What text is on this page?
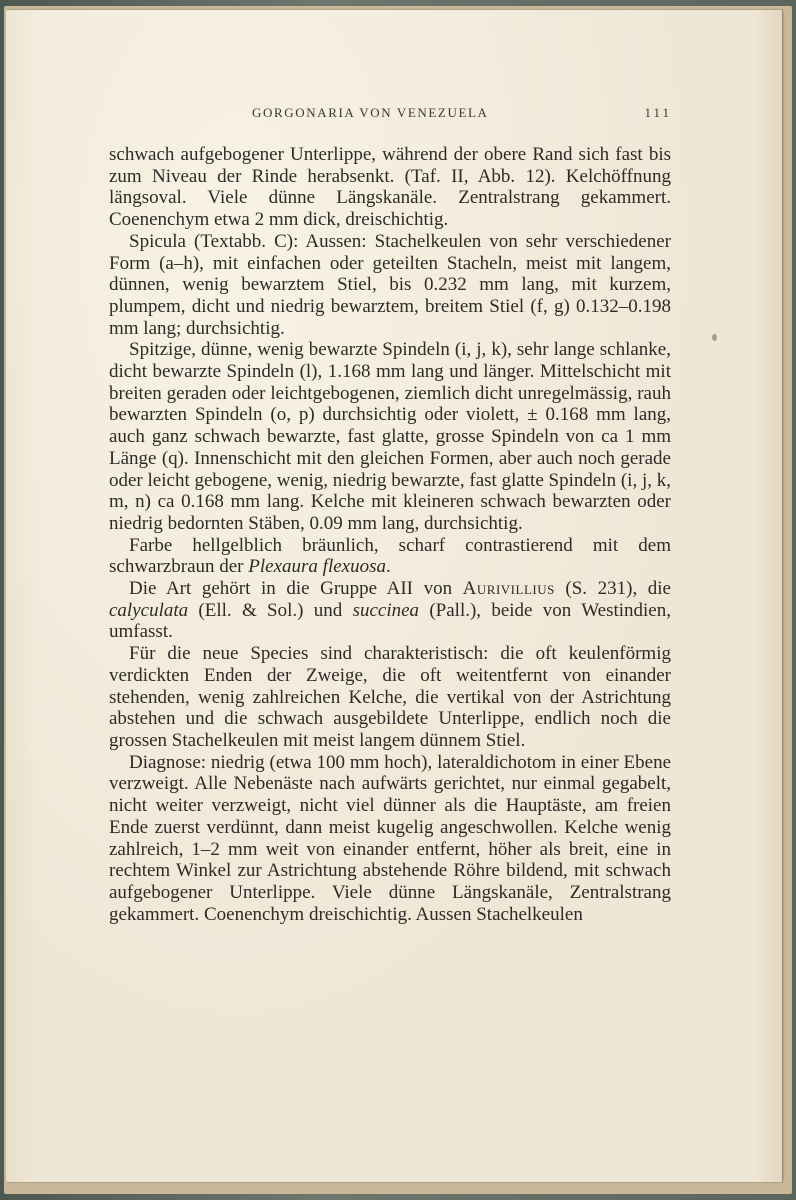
GORGONARIA VON VENEZUELA	111

schwach aufgebogener Unterlippe, während der obere Rand sich fast bis zum Niveau der Rinde herabsenkt. (Taf. II, Abb. 12). Kelchöffnung längsoval. Viele dünne Längskanäle. Zentralstrang gekammert. Coenenchym etwa 2 mm dick, dreischichtig.

Spicula (Textabb. C): Aussen: Stachelkeulen von sehr verschiedener Form (a–h), mit einfachen oder geteilten Stacheln, meist mit langem, dünnen, wenig bewarztem Stiel, bis 0.232 mm lang, mit kurzem, plumpem, dicht und niedrig bewarztem, breitem Stiel (f, g) 0.132–0.198 mm lang; durchsichtig.

Spitzige, dünne, wenig bewarzte Spindeln (i, j, k), sehr lange schlanke, dicht bewarzte Spindeln (l), 1.168 mm lang und länger. Mittelschicht mit breiten geraden oder leichtgebogenen, ziemlich dicht unregelmässig, rauh bewarzten Spindeln (o, p) durchsichtig oder violett, ± 0.168 mm lang, auch ganz schwach bewarzte, fast glatte, grosse Spindeln von ca 1 mm Länge (q). Innenschicht mit den gleichen Formen, aber auch noch gerade oder leicht gebogene, wenig, niedrig bewarzte, fast glatte Spindeln (i, j, k, m, n) ca 0.168 mm lang. Kelche mit kleineren schwach bewarzten oder niedrig bedornten Stäben, 0.09 mm lang, durchsichtig.

Farbe hellgelblich bräunlich, scharf contrastierend mit dem schwarzbraun der Plexaura flexuosa.

Die Art gehört in die Gruppe AII von Aurivillius (S. 231), die calyculata (Ell. & Sol.) und succinea (Pall.), beide von Westindien, umfasst.

Für die neue Species sind charakteristisch: die oft keulenförmig verdickten Enden der Zweige, die oft weitentfernt von einander stehenden, wenig zahlreichen Kelche, die vertikal von der Astrichtung abstehen und die schwach ausgebildete Unterlippe, endlich noch die grossen Stachelkeulen mit meist langem dünnem Stiel.

Diagnose: niedrig (etwa 100 mm hoch), lateraldichotom in einer Ebene verzweigt. Alle Nebenäste nach aufwärts gerichtet, nur einmal gegabelt, nicht weiter verzweigt, nicht viel dünner als die Hauptäste, am freien Ende zuerst verdünnt, dann meist kugelig angeschwollen. Kelche wenig zahlreich, 1–2 mm weit von einander entfernt, höher als breit, eine in rechtem Winkel zur Astrichtung abstehende Röhre bildend, mit schwach aufgebogener Unterlippe. Viele dünne Längskanäle, Zentralstrang gekammert. Coenenchym dreischichtig. Aussen Stachelkeulen
